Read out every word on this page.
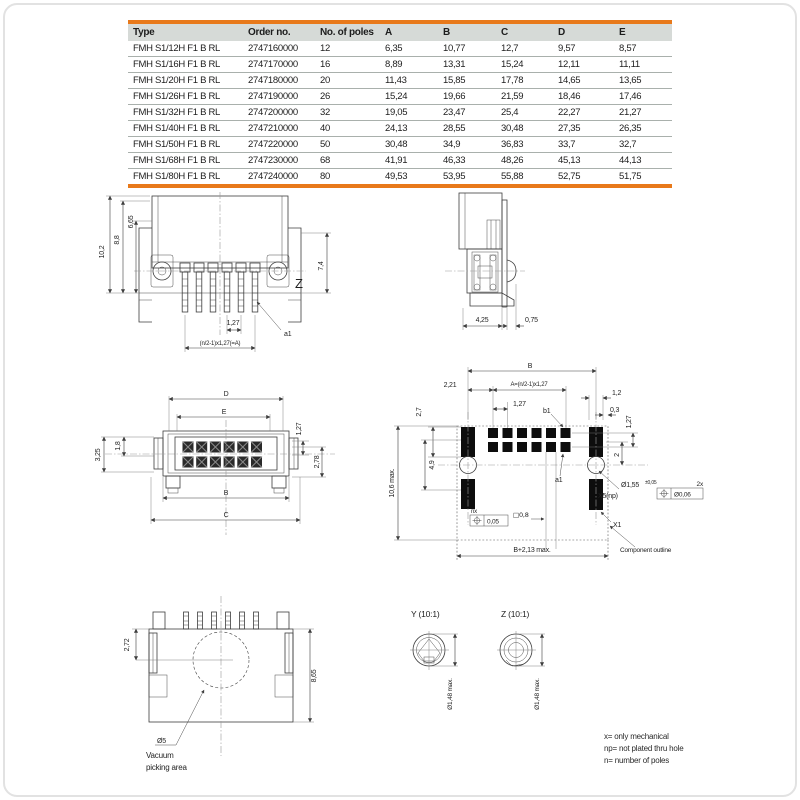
Type	Order no.	No. of poles	A	B	C	D	E
FMH S1/12H F1 B RL	2747160000	12	6,35	10,77	12,7	9,57	8,57
FMH S1/16H F1 B RL	2747170000	16	8,89	13,31	15,24	12,11	11,11
FMH S1/20H F1 B RL	2747180000	20	11,43	15,85	17,78	14,65	13,65
FMH S1/26H F1 B RL	2747190000	26	15,24	19,66	21,59	18,46	17,46
FMH S1/32H F1 B RL	2747200000	32	19,05	23,47	25,4	22,27	21,27
FMH S1/40H F1 B RL	2747210000	40	24,13	28,55	30,48	27,35	26,35
FMH S1/50H F1 B RL	2747220000	50	30,48	34,9	36,83	33,7	32,7
FMH S1/68H F1 B RL	2747230000	68	41,91	46,33	48,26	45,13	44,13
FMH S1/80H F1 B RL	2747240000	80	49,53	53,95	55,88	52,75	51,75
10,2
8,8
6,65
7,4
Z
1,27
(n/2-1)x1,27(=A)
a1
4,25	0,75
D
E
1,8
3,25
1,27
2,78
B
C
B
2,21	A=(n/2-1)x1,27
1,27
b1
1,2
0,3
1,27
2
2,7
4,9
10,6 max.	Ø1,55 ±0,05
X5(np)
2x
Ø0,06
nx
0,05
□0,8
X1
a1
B+2,13 max.	Component outline
2,72
8,65
Ø5
Vacuum
picking area
Y (10:1)
Ø1,48 max.
Z (10:1)
Ø1,48 max.
x= only mechanical
np= not plated thru hole
n= number of poles
